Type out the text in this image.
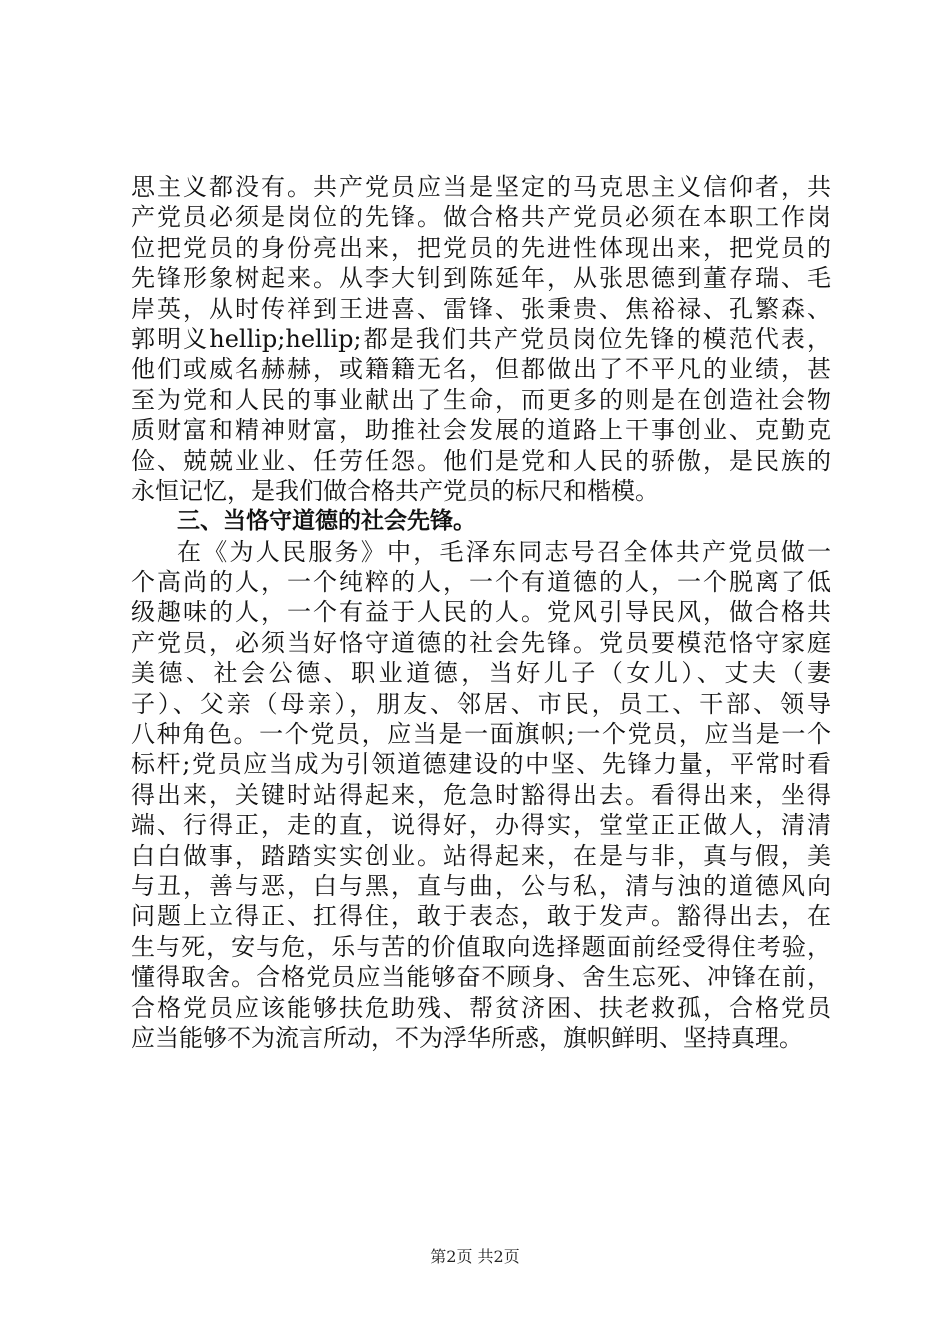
思主义都没有。共产党员应当是坚定的马克思主义信仰者，共
产党员必须是岗位的先锋。做合格共产党员必须在本职工作岗
位把党员的身份亮出来，把党员的先进性体现出来，把党员的
先锋形象树起来。从李大钊到陈延年，从张思德到董存瑞、毛
岸英，从时传祥到王进喜、雷锋、张秉贵、焦裕禄、孔繁森、
郭明义hellip;hellip;都是我们共产党员岗位先锋的模范代表，
他们或威名赫赫，或籍籍无名，但都做出了不平凡的业绩，甚
至为党和人民的事业献出了生命，而更多的则是在创造社会物
质财富和精神财富，助推社会发展的道路上干事创业、克勤克
俭、兢兢业业、任劳任怨。他们是党和人民的骄傲，是民族的
永恒记忆，是我们做合格共产党员的标尺和楷模。
三、当恪守道德的社会先锋。
在《为人民服务》中，毛泽东同志号召全体共产党员做一
个高尚的人，一个纯粹的人，一个有道德的人，一个脱离了低
级趣味的人，一个有益于人民的人。党风引导民风，做合格共
产党员，必须当好恪守道德的社会先锋。党员要模范恪守家庭
美德、社会公德、职业道德，当好儿子（女儿）、丈夫（妻
子）、父亲（母亲），朋友、邻居、市民，员工、干部、领导
八种角色。一个党员，应当是一面旗帜;一个党员，应当是一个
标杆;党员应当成为引领道德建设的中坚、先锋力量，平常时看
得出来，关键时站得起来，危急时豁得出去。看得出来，坐得
端、行得正，走的直，说得好，办得实，堂堂正正做人，清清
白白做事，踏踏实实创业。站得起来，在是与非，真与假，美
与丑，善与恶，白与黑，直与曲，公与私，清与浊的道德风向
问题上立得正、扛得住，敢于表态，敢于发声。豁得出去，在
生与死，安与危，乐与苦的价值取向选择题面前经受得住考验，
懂得取舍。合格党员应当能够奋不顾身、舍生忘死、冲锋在前，
合格党员应该能够扶危助残、帮贫济困、扶老救孤，合格党员
应当能够不为流言所动，不为浮华所惑，旗帜鲜明、坚持真理。
第2页 共2页
